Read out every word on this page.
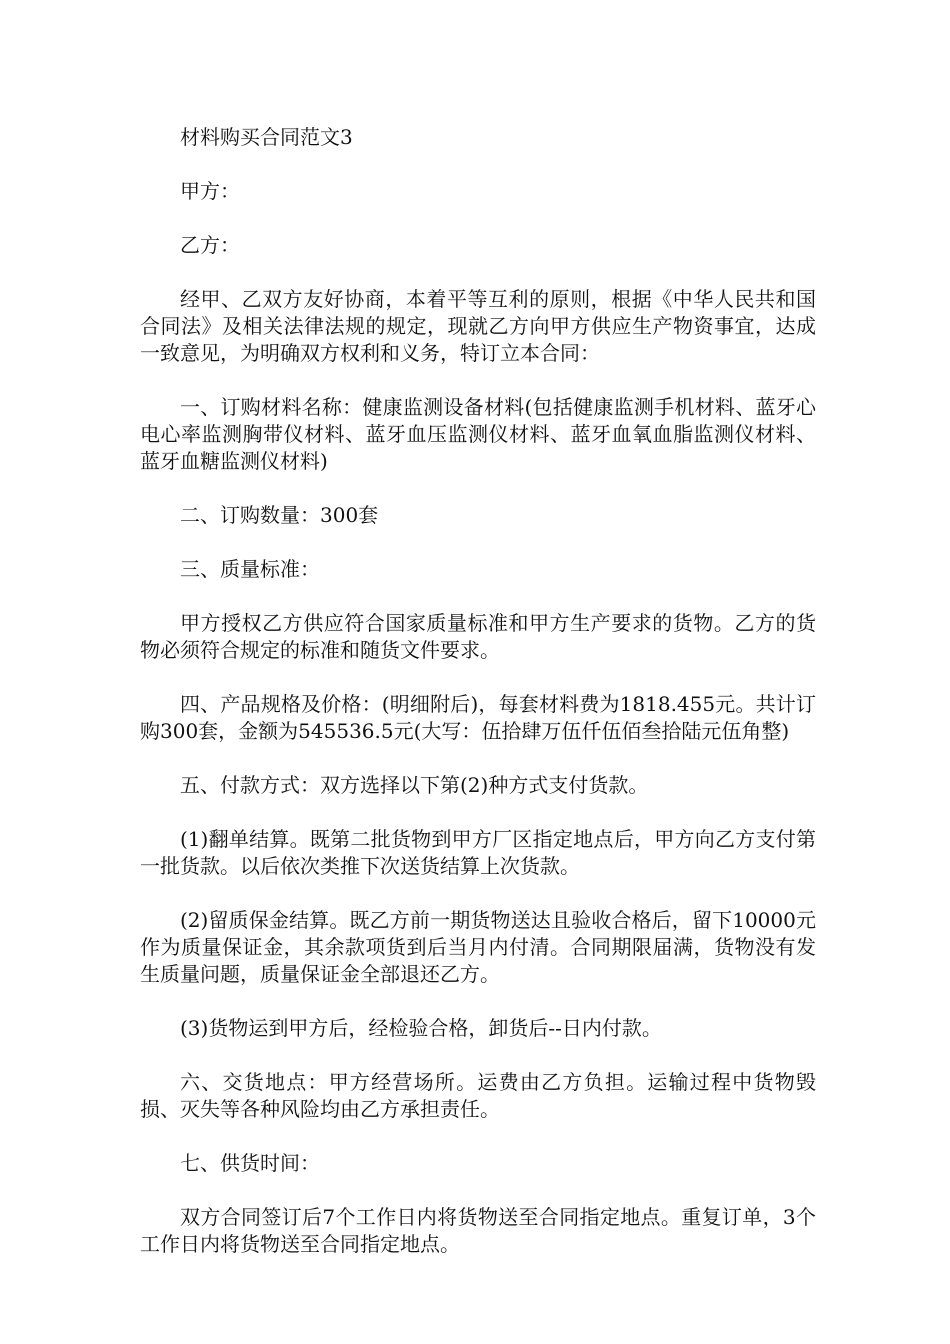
材料购买合同范文3

甲方：

乙方：

经甲、乙双方友好协商，本着平等互利的原则，根据《中华人民共和国合同法》及相关法律法规的规定，现就乙方向甲方供应生产物资事宜，达成一致意见，为明确双方权利和义务，特订立本合同：

一、订购材料名称：健康监测设备材料(包括健康监测手机材料、蓝牙心电心率监测胸带仪材料、蓝牙血压监测仪材料、蓝牙血氧血脂监测仪材料、蓝牙血糖监测仪材料)

二、订购数量：300套

三、质量标准：

甲方授权乙方供应符合国家质量标准和甲方生产要求的货物。乙方的货物必须符合规定的标准和随货文件要求。

四、产品规格及价格：(明细附后)，每套材料费为1818.455元。共计订购300套，金额为545536.5元(大写：伍拾肆万伍仟伍佰叁拾陆元伍角整)

五、付款方式：双方选择以下第(2)种方式支付货款。

(1)翻单结算。既第二批货物到甲方厂区指定地点后，甲方向乙方支付第一批货款。以后依次类推下次送货结算上次货款。

(2)留质保金结算。既乙方前一期货物送达且验收合格后，留下10000元作为质量保证金，其余款项货到后当月内付清。合同期限届满，货物没有发生质量问题，质量保证金全部退还乙方。

(3)货物运到甲方后，经检验合格，卸货后--日内付款。

六、交货地点：甲方经营场所。运费由乙方负担。运输过程中货物毁损、灭失等各种风险均由乙方承担责任。

七、供货时间：

双方合同签订后7个工作日内将货物送至合同指定地点。重复订单，3个工作日内将货物送至合同指定地点。
